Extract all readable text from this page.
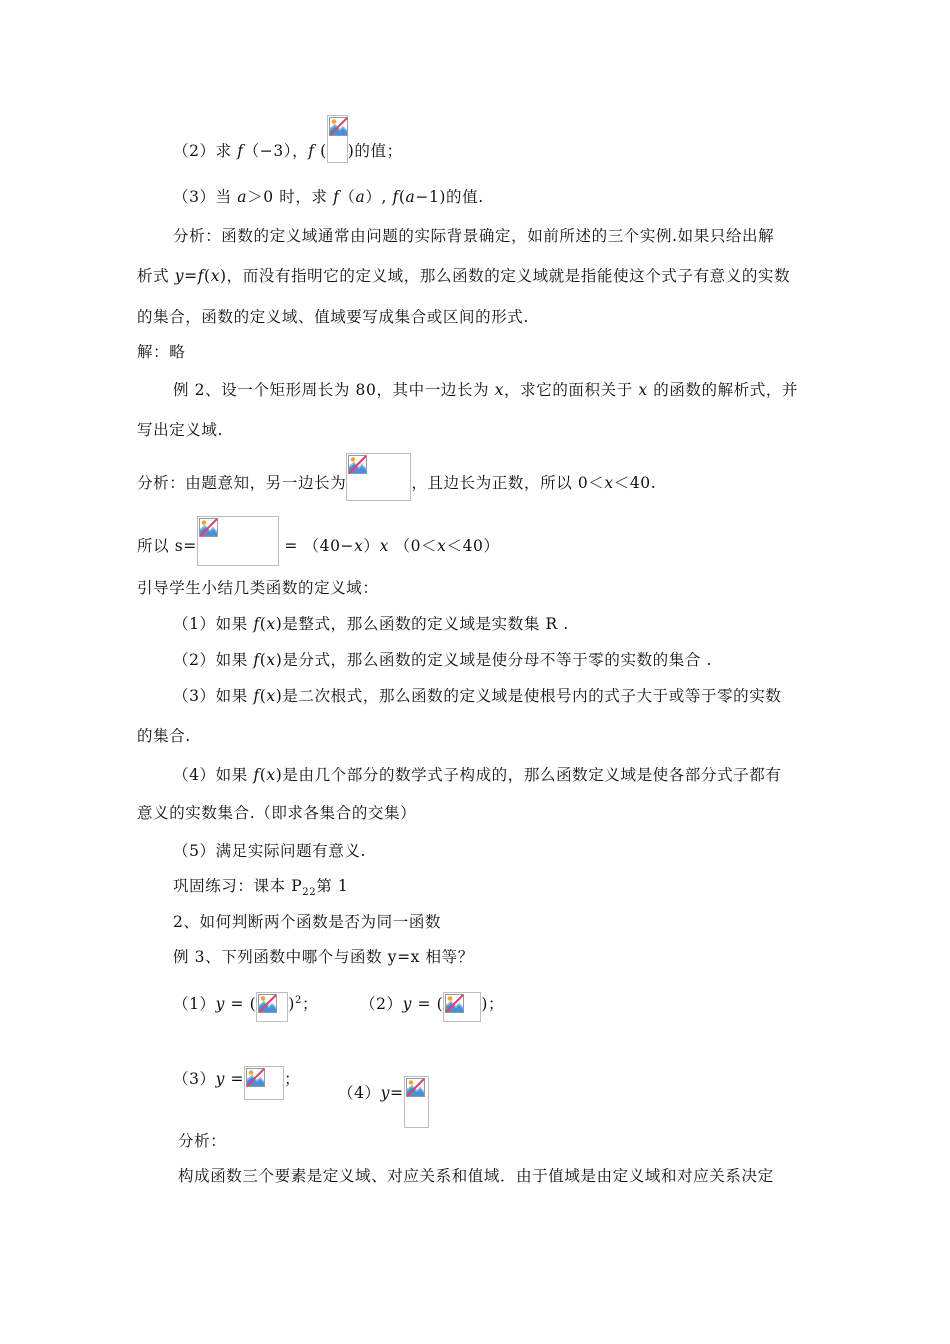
（2）求 f（−3），f ( )的值；
（3）当 a＞0 时，求 f（a）, f(a−1)的值.
分析：函数的定义域通常由问题的实际背景确定，如前所述的三个实例.如果只给出解
析式 y=f(x)，而没有指明它的定义域，那么函数的定义域就是指能使这个式子有意义的实数
的集合，函数的定义域、值域要写成集合或区间的形式.
解：略
例 2、设一个矩形周长为 80，其中一边长为 x，求它的面积关于 x 的函数的解析式，并
写出定义域.
分析：由题意知，另一边长为	，且边长为正数，所以 0＜x＜40.
所以 s=	= （40−x）x （0＜x＜40）
引导学生小结几类函数的定义域：
（1）如果 f(x)是整式，那么函数的定义域是实数集 R .
（2）如果 f(x)是分式，那么函数的定义域是使分母不等于零的实数的集合 .
（3）如果 f(x)是二次根式，那么函数的定义域是使根号内的式子大于或等于零的实数
的集合.
（4）如果 f(x)是由几个部分的数学式子构成的，那么函数定义域是使各部分式子都有
意义的实数集合.（即求各集合的交集）
（5）满足实际问题有意义.
巩固练习：课本 $P_{22}$第 1
2、如何判断两个函数是否为同一函数
例 3、下列函数中哪个与函数 y=x 相等？
（1）y = ( )$^2$；	（2）y = ( )；
（3）y =	；
（4）y=
分析：
构成函数三个要素是定义域、对应关系和值域．由于值域是由定义域和对应关系决定
